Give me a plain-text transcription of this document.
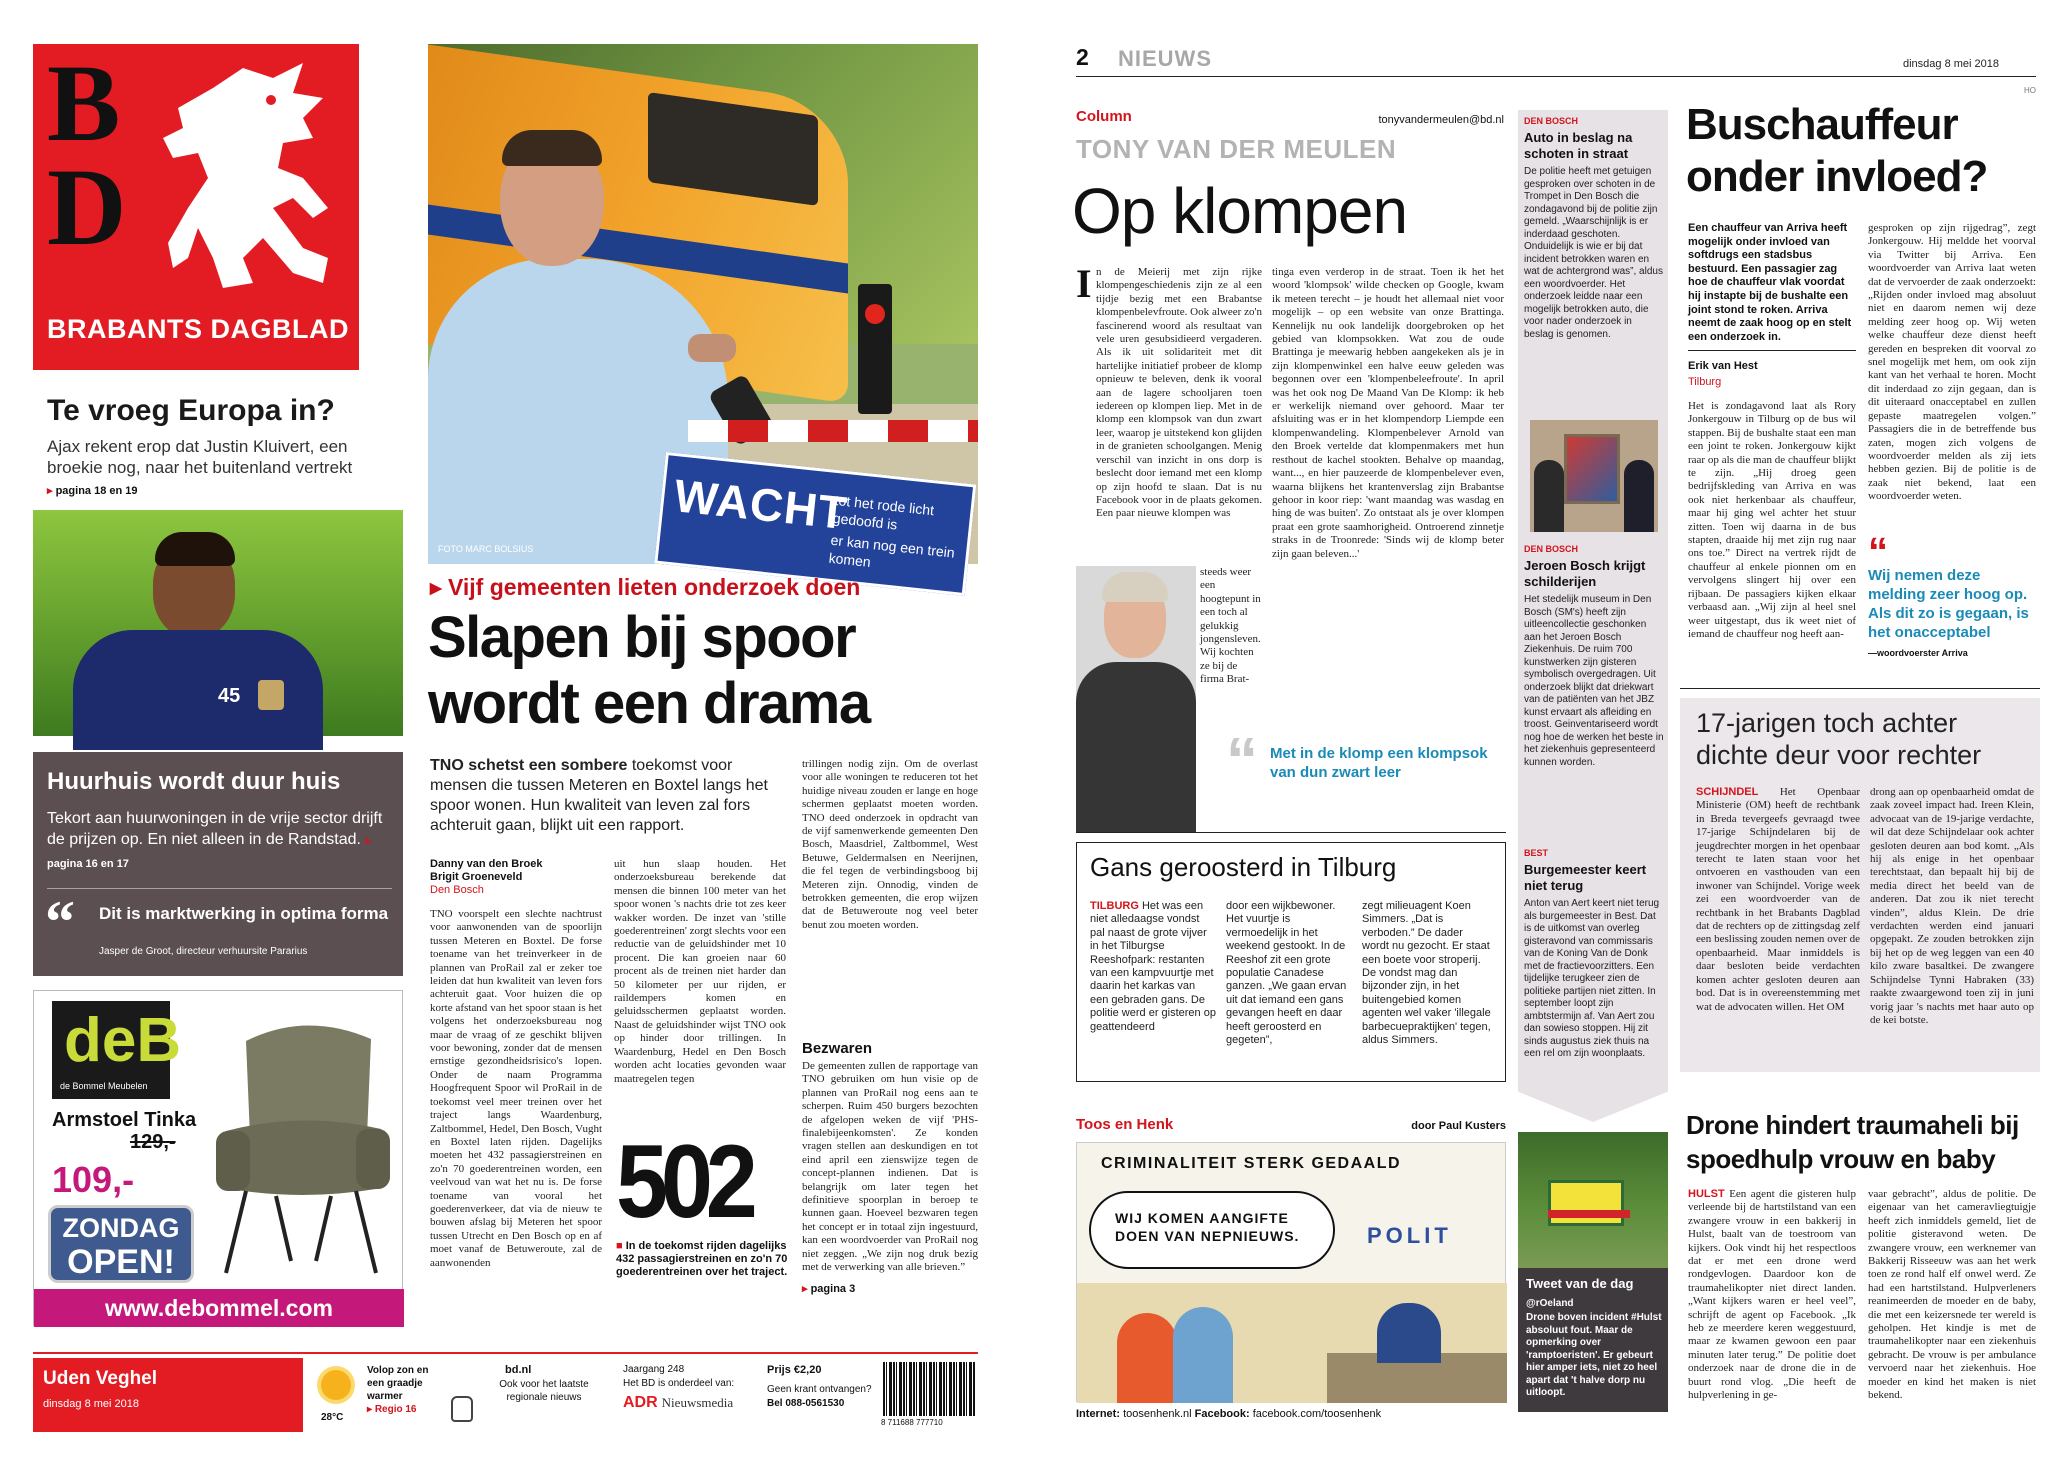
B
D
BRABANTS DAGBLAD
Te vroeg Europa in?
Ajax rekent erop dat Justin Kluivert, een broekie nog, naar het buitenland vertrekt
▸ pagina 18 en 19
45
Huurhuis wordt duur huis
Tekort aan huurwoningen in de vrije sector drijft de prijzen op. En niet alleen in de Randstad. ▸ pagina 16 en 17
“ Dit is marktwerking in optima forma
Jasper de Groot, directeur verhuursite Pararius
deB
de Bommel Meubelen
Armstoel Tinka
129,-
109,-
ZONDAG
OPEN!
www.debommel.com
WACHT
tot het rode licht gedoofd is
er kan nog een trein komen
FOTO MARC BOLSIUS
▸ Vijf gemeenten lieten onderzoek doen
Slapen bij spoor
wordt een drama
TNO schetst een sombere toekomst voor mensen die tussen Meteren en Boxtel langs het spoor wonen. Hun kwaliteit van leven zal fors achteruit gaan, blijkt uit een rapport.
Danny van den Broek
Brigit Groeneveld
Den Bosch
TNO voorspelt een slechte nachtrust voor aanwonenden van de spoorlijn tussen Meteren en Boxtel. De forse toename van het treinverkeer in de plannen van ProRail zal er zeker toe leiden dat hun kwaliteit van leven fors achteruit gaat. Voor huizen die op korte afstand van het spoor staan is het volgens het onderzoeksbureau nog maar de vraag of ze geschikt blijven voor bewoning, zonder dat de mensen ernstige gezondheidsrisico's lopen. Onder de naam Programma Hoogfrequent Spoor wil ProRail in de toekomst veel meer treinen over het traject langs Waardenburg, Zaltbommel, Hedel, Den Bosch, Vught en Boxtel laten rijden. Dagelijks moeten het 432 passagierstreinen en zo'n 70 goederentreinen worden, een veelvoud van wat het nu is. De forse toename van vooral het goederenverkeer, dat via de nieuw te bouwen afslag bij Meteren het spoor tussen Utrecht en Den Bosch op en af moet vanaf de Betuweroute, zal de aanwonenden
uit hun slaap houden. Het onderzoeksbureau berekende dat mensen die binnen 100 meter van het spoor wonen 's nachts drie tot zes keer wakker worden. De inzet van 'stille goederentreinen' zorgt slechts voor een reductie van de geluidshinder met 10 procent. Die kan groeien naar 60 procent als de treinen niet harder dan 50 kilometer per uur rijden, er raildempers komen en geluidsschermen geplaatst worden. Naast de geluidshinder wijst TNO ook op hinder door trillingen. In Waardenburg, Hedel en Den Bosch worden acht locaties gevonden waar maatregelen tegen
502
■ In de toekomst rijden dagelijks 432 passagierstreinen en zo'n 70 goederentreinen over het traject.
trillingen nodig zijn. Om de overlast voor alle woningen te reduceren tot het huidige niveau zouden er lange en hoge schermen geplaatst moeten worden. TNO deed onderzoek in opdracht van de vijf samenwerkende gemeenten Den Bosch, Maasdriel, Zaltbommel, West Betuwe, Geldermalsen en Neerijnen, die fel tegen de verbindingsboog bij Meteren zijn. Onnodig, vinden de betrokken gemeenten, die erop wijzen dat de Betuweroute nog veel beter benut zou moeten worden.
Bezwaren
De gemeenten zullen de rapportage van TNO gebruiken om hun visie op de plannen van ProRail nog eens aan te scherpen. Ruim 450 burgers bezochten de afgelopen weken de vijf 'PHS-finalebijeenkomsten'. Ze konden vragen stellen aan deskundigen en tot eind april een zienswijze tegen de concept-plannen indienen. Dat is belangrijk om later tegen het definitieve spoorplan in beroep te kunnen gaan. Hoeveel bezwaren tegen het concept er in totaal zijn ingestuurd, kan een woordvoerder van ProRail nog niet zeggen. „We zijn nog druk bezig met de verwerking van alle brieven.”
▸ pagina 3
Uden Veghel
dinsdag 8 mei 2018
28°C
Volop zon en
een graadje
warmer
▸ Regio 16
bd.nl
Ook voor het laatste regionale nieuws
Jaargang 248
Het BD is onderdeel van:
ADR Nieuwsmedia
Prijs €2,20
Geen krant ontvangen?
Bel 088-0561530
8 711688 777710
2 NIEUWS	dinsdag 8 mei 2018
HO
Column	tonyvandermeulen@bd.nl
TONY VAN DER MEULEN
Op klompen
I n de Meierij met zijn rijke klompengeschiedenis zijn ze al een tijdje bezig met een Brabantse klompenbelevfroute. Ook alweer zo'n fascinerend woord als resultaat van vele uren gesubsidieerd vergaderen. Als ik uit solidariteit met dit hartelijke initiatief probeer de klomp opnieuw te beleven, denk ik vooral aan de lagere schooljaren toen iedereen op klompen liep. Met in de klomp een klompsok van dun zwart leer, waarop je uitstekend kon glijden in de granieten schoolgangen. Menig verschil van inzicht in ons dorp is beslecht door iemand met een klomp op zijn hoofd te slaan. Dat is nu Facebook voor in de plaats gekomen. Een paar nieuwe klompen was
steeds weer een hoogtepunt in een toch al gelukkig jongensleven. Wij kochten ze bij de firma Brat-
tinga even verderop in de straat. Toen ik het het woord 'klompsok' wilde checken op Google, kwam ik meteen terecht – je houdt het allemaal niet voor mogelijk – op een website van onze Brattinga. Kennelijk nu ook landelijk doorgebroken op het gebied van klompsokken. Wat zou de oude Brattinga je meewarig hebben aangekeken als je in zijn klompenwinkel een halve eeuw geleden was begonnen over een 'klompenbeleefroute'. In april was het ook nog De Maand Van De Klomp: ik heb er werkelijk niemand over gehoord. Maar ter afsluiting was er in het klompendorp Liempde een klompenwandeling. Klompenbelever Arnold van den Broek vertelde dat klompenmakers met hun resthout de kachel stookten. Behalve op maandag, want..., en hier pauzeerde de klompenbelever even, waarna blijkens het krantenverslag zijn Brabantse gehoor in koor riep: 'want maandag was wasdag en hing de was buiten'. Zo ontstaat als je over klompen praat een grote saamhorigheid. Ontroerend zinnetje straks in de Troonrede: 'Sinds wij de klomp beter zijn gaan beleven...'
“ Met in de klomp een klompsok van dun zwart leer
Gans geroosterd in Tilburg
TILBURG Het was een niet alledaagse vondst pal naast de grote vijver in het Tilburgse Reeshofpark: restanten van een kampvuurtje met daarin het karkas van een gebraden gans. De politie werd er gisteren op geattendeerd
door een wijkbewoner. Het vuurtje is vermoedelijk in het weekend gestookt. In de Reeshof zit een grote populatie Canadese ganzen. „We gaan ervan uit dat iemand een gans gevangen heeft en daar heeft geroosterd en gegeten”,
zegt milieuagent Koen Simmers. „Dat is verboden.” De dader wordt nu gezocht. Er staat een boete voor stroperij. De vondst mag dan bijzonder zijn, in het buitengebied komen agenten wel vaker 'illegale barbecuepraktijken' tegen, aldus Simmers.
Toos en Henk	door Paul Kusters
CRIMINALITEIT STERK GEDAALD
WIJ KOMEN AANGIFTE DOEN VAN NEPNIEUWS.	POLIT
Internet: toosenhenk.nl Facebook: facebook.com/toosenhenk
DEN BOSCH
Auto in beslag na schoten in straat
De politie heeft met getuigen gesproken over schoten in de Trompet in Den Bosch die zondagavond bij de politie zijn gemeld. „Waarschijnlijk is er inderdaad geschoten. Onduidelijk is wie er bij dat incident betrokken waren en wat de achtergrond was”, aldus een woordvoerder. Het onderzoek leidde naar een mogelijk betrokken auto, die voor nader onderzoek in beslag is genomen.
DEN BOSCH
Jeroen Bosch krijgt schilderijen
Het stedelijk museum in Den Bosch (SM's) heeft zijn uitleencollectie geschonken aan het Jeroen Bosch Ziekenhuis. De ruim 700 kunstwerken zijn gisteren symbolisch overgedragen. Uit onderzoek blijkt dat driekwart van de patiënten van het JBZ kunst ervaart als afleiding en troost. Geinventariseerd wordt nog hoe de werken het beste in het ziekenhuis gepresenteerd kunnen worden.
BEST
Burgemeester keert niet terug
Anton van Aert keert niet terug als burgemeester in Best. Dat is de uitkomst van overleg gisteravond van commissaris van de Koning Van de Donk met de fractievoorzitters. Een tijdelijke terugkeer zien de politieke partijen niet zitten. In september loopt zijn ambtstermijn af. Van Aert zou dan sowieso stoppen. Hij zit sinds augustus ziek thuis na een rel om zijn woonplaats.
Tweet van de dag
@rOeland
Drone boven incident #Hulst absoluut fout. Maar de opmerking over 'ramptoeristen'. Er gebeurt hier amper iets, niet zo heel apart dat 't halve dorp nu uitloopt.
Buschauffeur
onder invloed?
Een chauffeur van Arriva heeft mogelijk onder invloed van softdrugs een stadsbus bestuurd. Een passagier zag hoe de chauffeur vlak voordat hij instapte bij de bushalte een joint stond te roken. Arriva neemt de zaak hoog op en stelt een onderzoek in.
Erik van Hest
Tilburg
Het is zondagavond laat als Rory Jonkergouw in Tilburg op de bus wil stappen. Bij de bushalte staat een man een joint te roken. Jonkergouw kijkt raar op als die man de chauffeur blijkt te zijn. „Hij droeg geen bedrijfskleding van Arriva en was ook niet herkenbaar als chauffeur, maar hij ging wel achter het stuur zitten. Toen wij daarna in de bus stapten, draaide hij met zijn rug naar ons toe.” Direct na vertrek rijdt de chauffeur al enkele pionnen om en vervolgens slingert hij over een rijbaan. De passagiers kijken elkaar verbaasd aan. „Wij zijn al heel snel weer uitgestapt, dus ik weet niet of iemand de chauffeur nog heeft aan-
gesproken op zijn rijgedrag”, zegt Jonkergouw. Hij meldde het voorval via Twitter bij Arriva. Een woordvoerder van Arriva laat weten dat de vervoerder de zaak onderzoekt: „Rijden onder invloed mag absoluut niet en daarom nemen wij deze melding zeer hoog op. Wij weten welke chauffeur deze dienst heeft gereden en bespreken dit voorval zo snel mogelijk met hem, om ook zijn kant van het verhaal te horen. Mocht dit inderdaad zo zijn gegaan, dan is dit uiteraard onacceptabel en zullen gepaste maatregelen volgen.” Passagiers die in de betreffende bus zaten, mogen zich volgens de woordvoerder melden als zij iets hebben gezien. Bij de politie is de zaak niet bekend, laat een woordvoerder weten.
“
Wij nemen deze melding zeer hoog op. Als dit zo is gegaan, is het onacceptabel
—woordvoerster Arriva
17-jarigen toch achter
dichte deur voor rechter
SCHIJNDEL Het Openbaar Ministerie (OM) heeft de rechtbank in Breda tevergeefs gevraagd twee 17-jarige Schijndelaren bij de jeugdrechter morgen in het openbaar terecht te laten staan voor het ontvoeren en vasthouden van een inwoner van Schijndel. Vorige week zei een woordvoerder van de rechtbank in het Brabants Dagblad dat de rechters op de zittingsdag zelf een beslissing zouden nemen over de openbaarheid. Maar inmiddels is daar besloten beide verdachten komen achter gesloten deuren aan bod. Dat is in overeenstemming met wat de advocaten willen. Het OM
drong aan op openbaarheid omdat de zaak zoveel impact had. Ireen Klein, advocaat van de 19-jarige verdachte, wil dat deze Schijndelaar ook achter gesloten deuren aan bod komt. „Als hij als enige in het openbaar terechtstaat, dan bepaalt hij bij de media direct het beeld van de anderen. Dat zou ik niet terecht vinden”, aldus Klein. De drie verdachten werden eind januari opgepakt. Ze zouden betrokken zijn bij het op de weg leggen van een 40 kilo zware basaltkei. De zwangere Schijndelse Tynni Habraken (33) raakte zwaargewond toen zij in juni vorig jaar 's nachts met haar auto op de kei botste.
Drone hindert traumaheli bij
spoedhulp vrouw en baby
HULST Een agent die gisteren hulp verleende bij de hartstilstand van een zwangere vrouw in een bakkerij in Hulst, baalt van de toestroom van kijkers. Ook vindt hij het respectloos dat er met een drone werd rondgevlogen. Daardoor kon de traumahelikopter niet direct landen. „Want kijkers waren er heel veel”, schrijft de agent op Facebook. „Ik heb ze meerdere keren weggestuurd, maar ze kwamen gewoon een paar minuten later terug.” De politie doet onderzoek naar de drone die in de buurt rond vlog. „Die heeft de hulpverlening in ge-
vaar gebracht”, aldus de politie. De eigenaar van het cameravliegtuigje heeft zich inmiddels gemeld, liet de politie gisteravond weten. De zwangere vrouw, een werknemer van Bakkerij Risseeuw was aan het werk toen ze rond half elf onwel werd. Ze had een hartstilstand. Hulpverleners reanimeerden de moeder en de baby, die met een keizersnede ter wereld is geholpen. Het kindje is met de traumahelikopter naar een ziekenhuis gebracht. De vrouw is per ambulance vervoerd naar het ziekenhuis. Hoe moeder en kind het maken is niet bekend.
